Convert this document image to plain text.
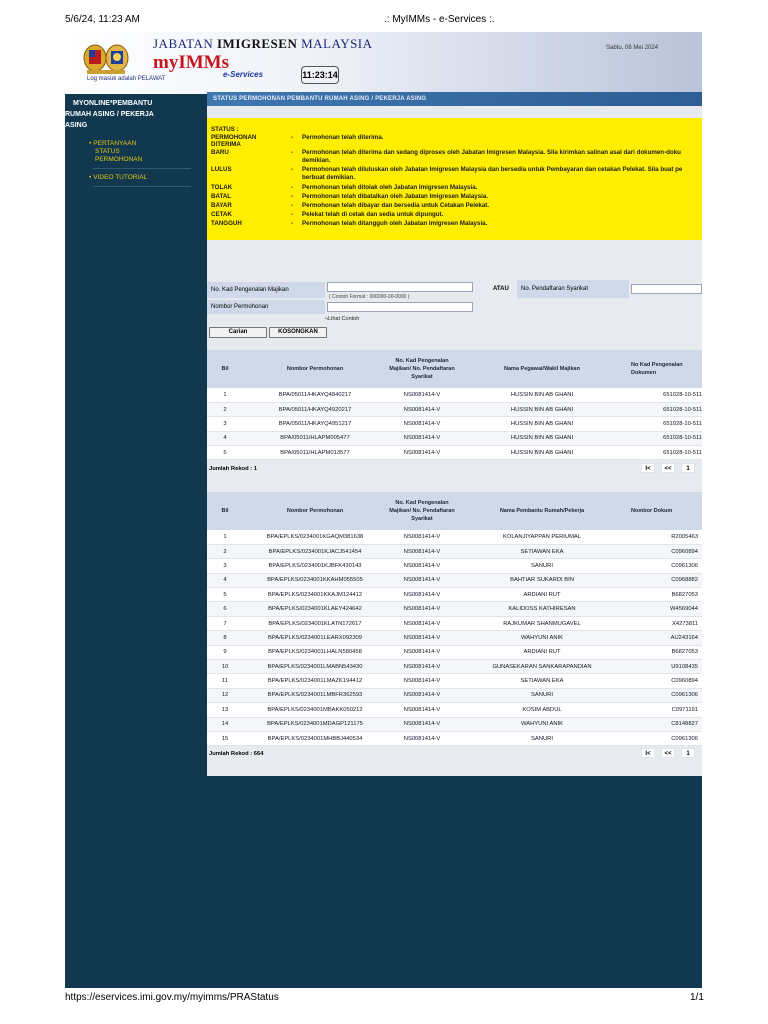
5/6/24, 11:23 AM	.: MyIMMs - e-Services :.
JABATAN IMIGRESEN MALAYSIA
myIMMs
e-Services
Log masuk adalah PELAWAT	11:23:14
Sabtu, 06 Mei 2024
MYONLINE*PEMBANTU
RUMAH ASING / PEKERJA
ASING
• PERTANYAAN
STATUS
PERMOHONAN
• VIDEO TUTORIAL
STATUS PERMOHONAN PEMBANTU RUMAH ASING / PEKERJA ASING
STATUS :
PERMOHONAN	- Permohonan telah diterima.
DITERIMA
BARU	- Permohonan telah diterima dan sedang diproses oleh Jabatan Imigresen Malaysia. Sila kirimkan salinan asal dari dokumen-doku
demikian.
LULUS	- Permohonan telah diluluskan oleh Jabatan Imigresen Malaysia dan bersedia untuk Pembayaran dan cetakan Pelekat. Sila buat pe
berbuat demikian.
TOLAK	- Permohonan telah ditolak oleh Jabatan Imigresen Malaysia.
BATAL	- Permohonan telah dibatalkan oleh Jabatan Imigresen Malaysia.
BAYAR	- Permohonan telah dibayar dan bersedia untuk Cetakan Pelekat.
CETAK	- Pelekat telah di cetak dan sedia untuk dipungut.
TANGGUH	- Permohonan telah ditangguh oleh Jabatan Imigresen Malaysia.
No. Kad Pengenalan Majikan
( Contoh Format : 000000-00-0000 )
ATAU	No. Pendaftaran Syarikat
Nombor Permohonan
⤷Lihat Contoh
Carian	KOSONGKAN
Bil	Nombor Permohonan	No. Kad Pengenalan Majikan/ No. Pendaftaran Syarikat	Nama Pegawai/Wakil Majikan	No Kad Pengenalan Dokumen
1	BPA/05011/HKAYQ4840217	NS0081414-V	HUSSIN BIN AB GHANI	651028-10-511
2	BPA/05011/HKAYQ4920217	NS0081414-V	HUSSIN BIN AB GHANI	651028-10-511
3	BPA/05011/HKAYQ4951217	NS0081414-V	HUSSIN BIN AB GHANI	651028-10-511
4	BPA/05011/HLAPM005477	NS0081414-V	HUSSIN BIN AB GHANI	651028-10-511
5	BPA/05011/HLAPM013577	NS0081414-V	HUSSIN BIN AB GHANI	651028-10-511
Jumlah Rekod : 1	I< << 1
Bil	Nombor Permohonan	No. Kad Pengenalan Majikan/ No. Pendaftaran Syarikat	Nama Pembantu Rumah/Pekerja	Nombor Dokum
1	BPA/EPLKS/0234001KGAQM381638	NS0081414-V	KOLANJIYAPPAN PERIUMAL	R2005463
2	BPA/EPLKS/0234001KJACJ541454	NS0081414-V	SETIAWAN EKA	C0960894
3	BPA/EPLKS/0234001KJBFK430143	NS0081414-V	SANURI	C0961306
4	BPA/EPLKS/0234001KKAHM055505	NS0081414-V	BAHTIAR SUKARDI BIN	C0968882
5	BPA/EPLKS/0234001KKAJM124412	NS0081414-V	ARDIANI RUT	B6827053
6	BPA/EPLKS/0234001KLAEY424642	NS0081414-V	KALIDOSS KATHIRESAN	W4569044
7	BPA/EPLKS/0234001KLATN172617	NS0081414-V	RAJKUMAR SHANMUGAVEL	X4273811
8	BPA/EPLKS/0234001LEARX092309	NS0081414-V	WAHYUNI ANIK	AU243164
9	BPA/EPLKS/0234001LHALN580458	NS0081414-V	ARDIANI RUT	B6827053
10	BPA/EPLKS/0234001LMABN543430	NS0081414-V	GUNASEKARAN SANKARAPANDIAN	U9108435
11	BPA/EPLKS/0234001LMAZK194412	NS0081414-V	SETIAWAN EKA	C0960894
12	BPA/EPLKS/0234001LMBFR362593	NS0081414-V	SANURI	C0961306
13	BPA/EPLKS/0234001MBAKK050212	NS0081414-V	KOSIM ABDUL	C0971191
14	BPA/EPLKS/0234001MDAGP121175	NS0081414-V	WAHYUNI ANIK	C8148827
15	BPA/EPLKS/0234001MHBBJ440534	NS0081414-V	SANURI	C0961306
Jumlah Rekod : 664	I< << 1
https://eservices.imi.gov.my/myimms/PRAStatus	1/1
